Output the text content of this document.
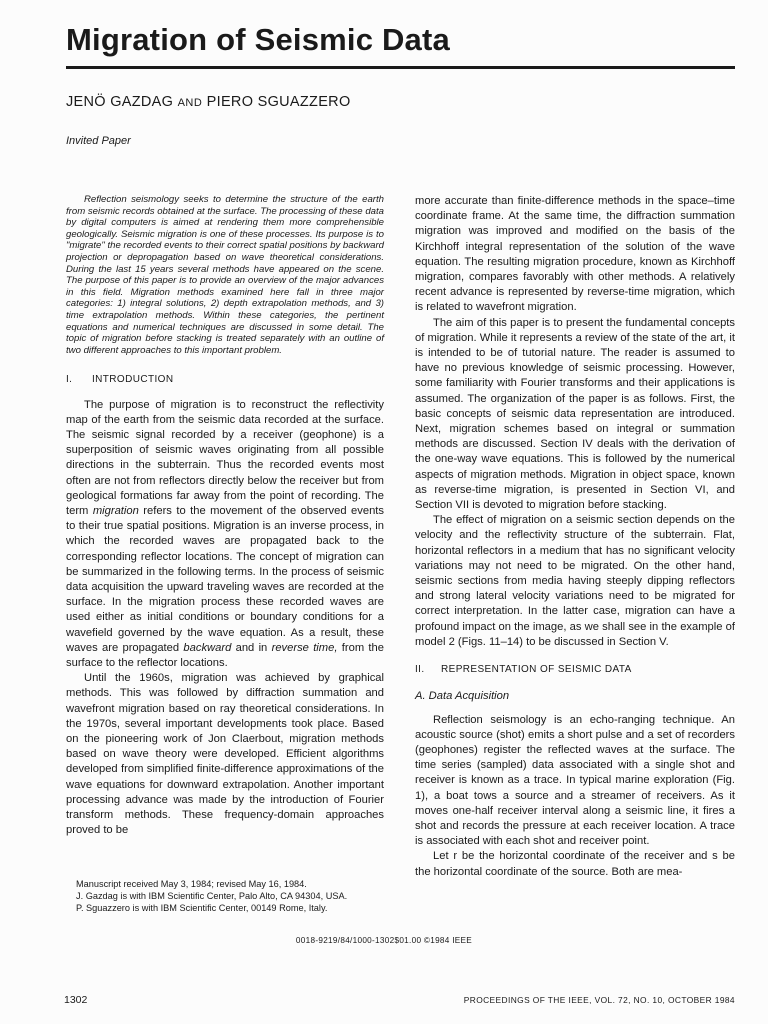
Migration of Seismic Data
JENÖ GAZDAG AND PIERO SGUAZZERO
Invited Paper

Reflection seismology seeks to determine the structure of the earth from seismic records obtained at the surface. The processing of these data by digital computers is aimed at rendering them more comprehensible geologically. Seismic migration is one of these processes. Its purpose is to "migrate" the recorded events to their correct spatial positions by backward projection or depropagation based on wave theoretical considerations. During the last 15 years several methods have appeared on the scene. The purpose of this paper is to provide an overview of the major advances in this field. Migration methods examined here fall in three major categories: 1) integral solutions, 2) depth extrapolation methods, and 3) time extrapolation methods. Within these categories, the pertinent equations and numerical techniques are discussed in some detail. The topic of migration before stacking is treated separately with an outline of two different approaches to this important problem.

I. INTRODUCTION

The purpose of migration is to reconstruct the reflectivity map of the earth from the seismic data recorded at the surface. The seismic signal recorded by a receiver (geophone) is a superposition of seismic waves originating from all possible directions in the subterrain. Thus the recorded events most often are not from reflectors directly below the receiver but from geological formations far away from the point of recording. The term migration refers to the movement of the observed events to their true spatial positions. Migration is an inverse process, in which the recorded waves are propagated back to the corresponding reflector locations. The concept of migration can be summarized in the following terms. In the process of seismic data acquisition the upward traveling waves are recorded at the surface. In the migration process these recorded waves are used either as initial conditions or boundary conditions for a wavefield governed by the wave equation. As a result, these waves are propagated backward and in reverse time, from the surface to the reflector locations.

Until the 1960s, migration was achieved by graphical methods. This was followed by diffraction summation and wavefront migration based on ray theoretical considerations. In the 1970s, several important developments took place. Based on the pioneering work of Jon Claerbout, migration methods based on wave theory were developed. Efficient algorithms developed from simplified finite-difference approximations of the wave equations for downward extrapolation. Another important processing advance was made by the introduction of Fourier transform methods. These frequency-domain approaches proved to be

more accurate than finite-difference methods in the space–time coordinate frame. At the same time, the diffraction summation migration was improved and modified on the basis of the Kirchhoff integral representation of the solution of the wave equation. The resulting migration procedure, known as Kirchhoff migration, compares favorably with other methods. A relatively recent advance is represented by reverse-time migration, which is related to wavefront migration.

The aim of this paper is to present the fundamental concepts of migration. While it represents a review of the state of the art, it is intended to be of tutorial nature. The reader is assumed to have no previous knowledge of seismic processing. However, some familiarity with Fourier transforms and their applications is assumed. The organization of the paper is as follows. First, the basic concepts of seismic data representation are introduced. Next, migration schemes based on integral or summation methods are discussed. Section IV deals with the derivation of the one-way wave equations. This is followed by the numerical aspects of migration methods. Migration in object space, known as reverse-time migration, is presented in Section VI, and Section VII is devoted to migration before stacking.

The effect of migration on a seismic section depends on the velocity and the reflectivity structure of the subterrain. Flat, horizontal reflectors in a medium that has no significant velocity variations may not need to be migrated. On the other hand, seismic sections from media having steeply dipping reflectors and strong lateral velocity variations need to be migrated for correct interpretation. In the latter case, migration can have a profound impact on the image, as we shall see in the example of model 2 (Figs. 11–14) to be discussed in Section V.

II. REPRESENTATION OF SEISMIC DATA
A. Data Acquisition

Reflection seismology is an echo-ranging technique. An acoustic source (shot) emits a short pulse and a set of recorders (geophones) register the reflected waves at the surface. The time series (sampled) data associated with a single shot and receiver is known as a trace. In typical marine exploration (Fig. 1), a boat tows a source and a streamer of receivers. As it moves one-half receiver interval along a seismic line, it fires a shot and records the pressure at each receiver location. A trace is associated with each shot and receiver point.

Let r be the horizontal coordinate of the receiver and s be the horizontal coordinate of the source. Both are mea-

Manuscript received May 3, 1984; revised May 16, 1984.
J. Gazdag is with IBM Scientific Center, Palo Alto, CA 94304, USA.
P. Sguazzero is with IBM Scientific Center, 00149 Rome, Italy.
0018-9219/84/1000-1302$01.00 ©1984 IEEE
1302	PROCEEDINGS OF THE IEEE, VOL. 72, NO. 10, OCTOBER 1984
